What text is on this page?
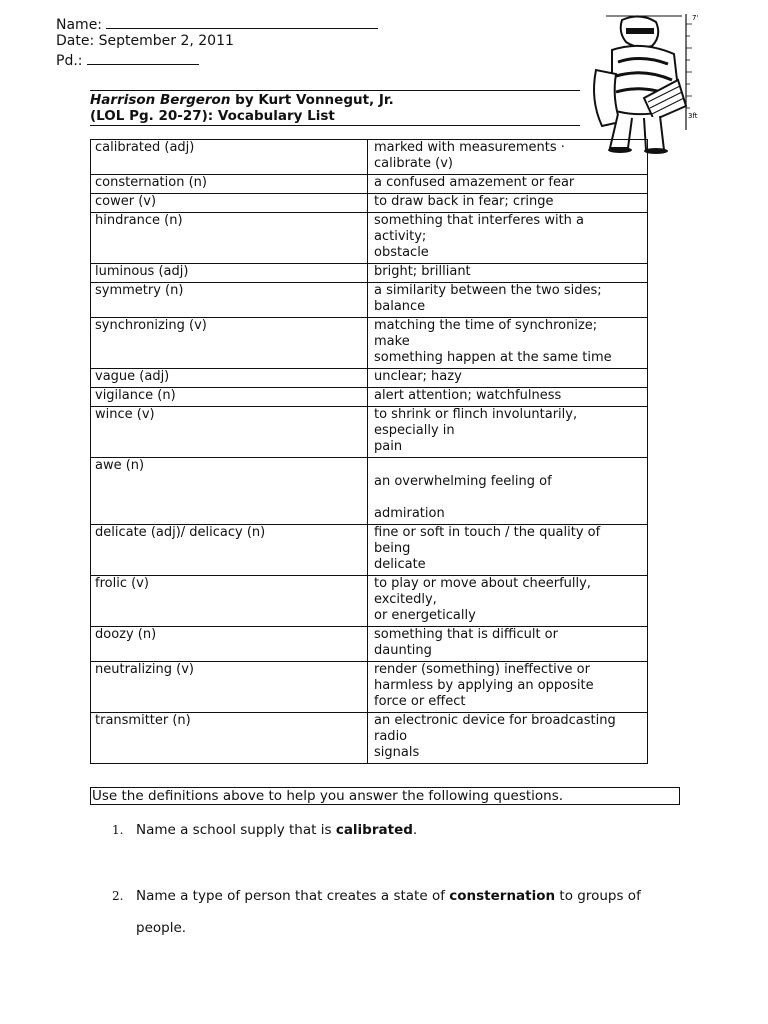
Name:
Date: September 2, 2011
Pd.:
7'
3ft
Harrison Bergeron by Kurt Vonnegut, Jr.
(LOL Pg. 20-27): Vocabulary List
calibrated (adj)	marked with measurements ·
calibrate (v)
consternation (n)	a confused amazement or fear
cower (v)	to draw back in fear; cringe
hindrance (n)	something that interferes with a
activity;
obstacle
luminous (adj)	bright; brilliant
symmetry (n)	a similarity between the two sides;
balance
synchronizing (v)	matching the time of synchronize;
make
something happen at the same time
vague (adj)	unclear; hazy
vigilance (n)	alert attention; watchfulness
wince (v)	to shrink or flinch involuntarily,
especially in
pain
awe (n)	
an overwhelming feeling of

admiration
delicate (adj)/ delicacy (n)	fine or soft in touch / the quality of
being
delicate
frolic (v)	to play or move about cheerfully,
excitedly,
or energetically
doozy (n)	something that is difficult or
daunting
neutralizing (v)	render (something) ineffective or
harmless by applying an opposite
force or effect
transmitter (n)	an electronic device for broadcasting
radio
signals
Use the definitions above to help you answer the following questions.
1. Name a school supply that is calibrated.
2. Name a type of person that creates a state of consternation to groups of
people.
